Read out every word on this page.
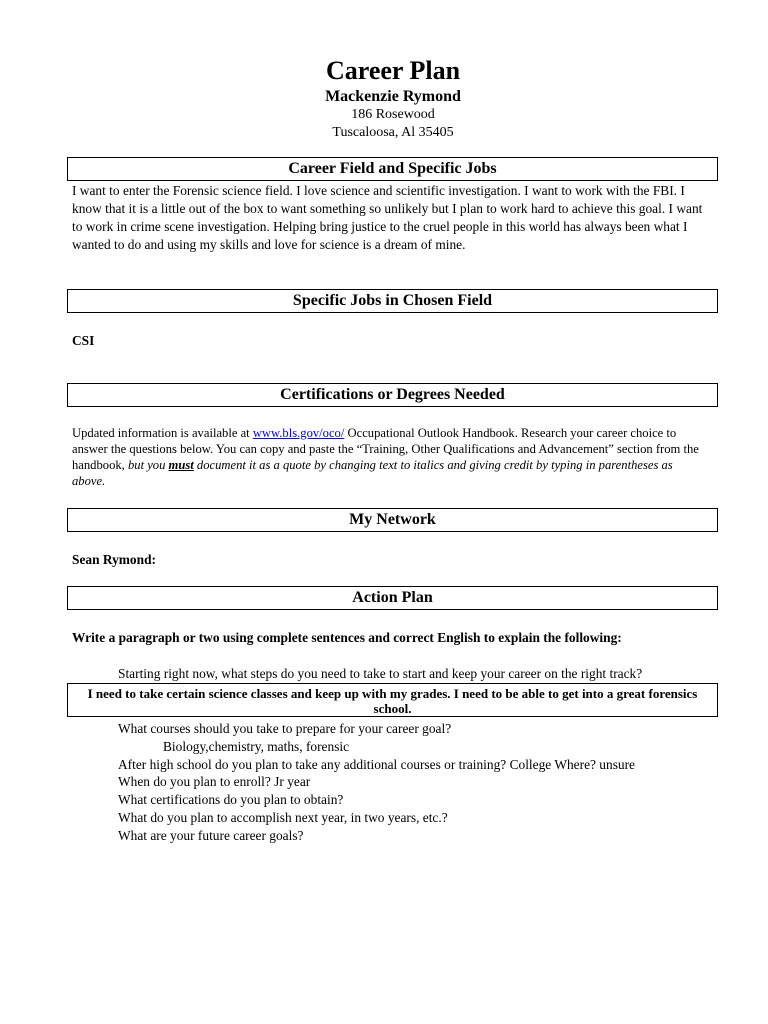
Career Plan
Mackenzie Rymond
186 Rosewood
Tuscaloosa, Al 35405
Career Field and Specific Jobs
I want to enter the Forensic science field. I love science and scientific investigation. I want to work with the FBI. I know that it is a little out of the box to want something so unlikely but I plan to work hard to achieve this goal. I want to work in crime scene investigation. Helping bring justice to the cruel people in this world has always been what I wanted to do and using my skills and love for science is a dream of mine.
Specific Jobs in Chosen Field
CSI
Certifications or Degrees Needed
Updated information is available at www.bls.gov/oco/ Occupational Outlook Handbook. Research your career choice to answer the questions below. You can copy and paste the “Training, Other Qualifications and Advancement” section from the handbook, but you must document it as a quote by changing text to italics and giving credit by typing in parentheses as above.
My Network
Sean Rymond:
Action Plan
Write a paragraph or two using complete sentences and correct English to explain the following:
Starting right now, what steps do you need to take to start and keep your career on the right track?
I need to take certain science classes and keep up with my grades. I need to be able to get into a great forensics school.
What courses should you take to prepare for your career goal?
Biology,chemistry, maths, forensic
After high school do you plan to take any additional courses or training? College Where? unsure
When do you plan to enroll? Jr year
What certifications do you plan to obtain?
What do you plan to accomplish next year, in two years, etc.?
What are your future career goals?
